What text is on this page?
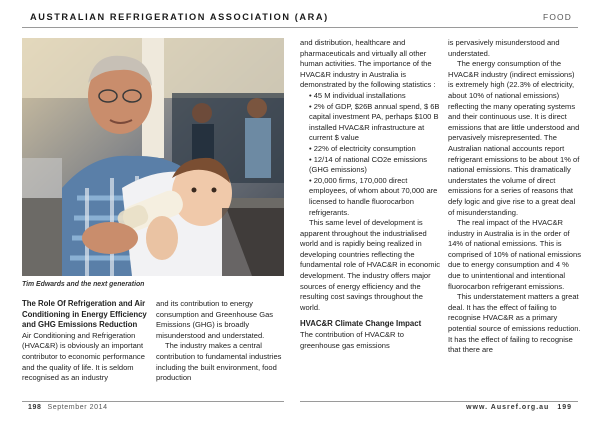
AUSTRALIAN REFRIGERATION ASSOCIATION (ARA)	FOOD
Tim Edwards and the next generation

The Role Of Refrigeration and Air Conditioning in Energy Efficiency and GHG Emissions Reduction

Air Conditioning and Refrigeration (HVAC&R) is obviously an important contributor to economic performance and the quality of life. It is seldom recognised as an industry

and its contribution to energy consumption and Greenhouse Gas Emissions (GHG) is broadly misunderstood and understated.

The industry makes a central contribution to fundamental industries including the built environment, food production

and distribution, healthcare and pharmaceuticals and virtually all other human activities. The importance of the HVAC&R industry in Australia is demonstrated by the following statistics :

• 45 M individual installations

• 2% of GDP, $26B annual spend, $ 6B capital investment PA, perhaps $100 B installed HVAC&R infrastructure at current $ value

• 22% of electricity consumption

• 12/14 of national CO2e emissions (GHG emissions)

• 20,000 firms, 170,000 direct employees, of whom about 70,000 are licensed to handle fluorocarbon refrigerants.

This same level of development is apparent throughout the industrialised world and is rapidly being realized in developing countries reflecting the fundamental role of HVAC&R in economic development. The industry offers major sources of energy efficiency and the resulting cost savings throughout the world.

HVAC&R Climate Change Impact

The contribution of HVAC&R to greenhouse gas emissions

is pervasively misunderstood and understated.

The energy consumption of the HVAC&R industry (indirect emissions) is extremely high (22.3% of electricity, about 10% of national emissions) reflecting the many operating systems and their continuous use. It is direct emissions that are little understood and pervasively misrepresented. The Australian national accounts report refrigerant emissions to be about 1% of national emissions. This dramatically understates the volume of direct emissions for a series of reasons that defy logic and give rise to a great deal of misunderstanding.

The real impact of the HVAC&R industry in Australia is in the order of 14% of national emissions. This is comprised of 10% of national emissions due to energy consumption and 4 % due to unintentional and intentional fluorocarbon refrigerant emissions.

This understatement matters a great deal. It has the effect of failing to recognise HVAC&R as a primary potential source of emissions reduction. It has the effect of failing to recognise that there are

198 September 2014	www. Ausref.org.au 199
